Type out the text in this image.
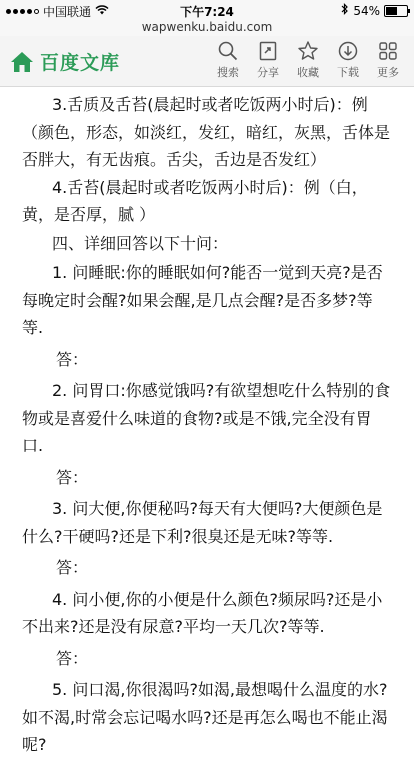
中国联通	下午7:24	54%
wapwenku.baidu.com
百度文库	搜索 分享 收藏 下载 更多

3.舌质及舌苔(晨起时或者吃饭两小时后)：例（颜色，形态，如淡红，发红，暗红，灰黑，舌体是否胖大，有无齿痕。舌尖，舌边是否发红）

4.舌苔(晨起时或者吃饭两小时后)：例（白，黄，是否厚，腻 ）

四、详细回答以下十问：

1. 问睡眠:你的睡眠如何?能否一觉到天亮?是否每晚定时会醒?如果会醒,是几点会醒?是否多梦?等等.

答：

2. 问胃口:你感觉饿吗?有欲望想吃什么特别的食物或是喜爱什么味道的食物?或是不饿,完全没有胃口.

答：

3. 问大便,你便秘吗?每天有大便吗?大便颜色是什么?干硬吗?还是下利?很臭还是无味?等等.

答：

4. 问小便,你的小便是什么颜色?频尿吗?还是小不出来?还是没有尿意?平均一天几次?等等.

答：

5. 问口渴,你很渴吗?如渴,最想喝什么温度的水?如不渴,时常会忘记喝水吗?还是再怎么喝也不能止渴呢?
